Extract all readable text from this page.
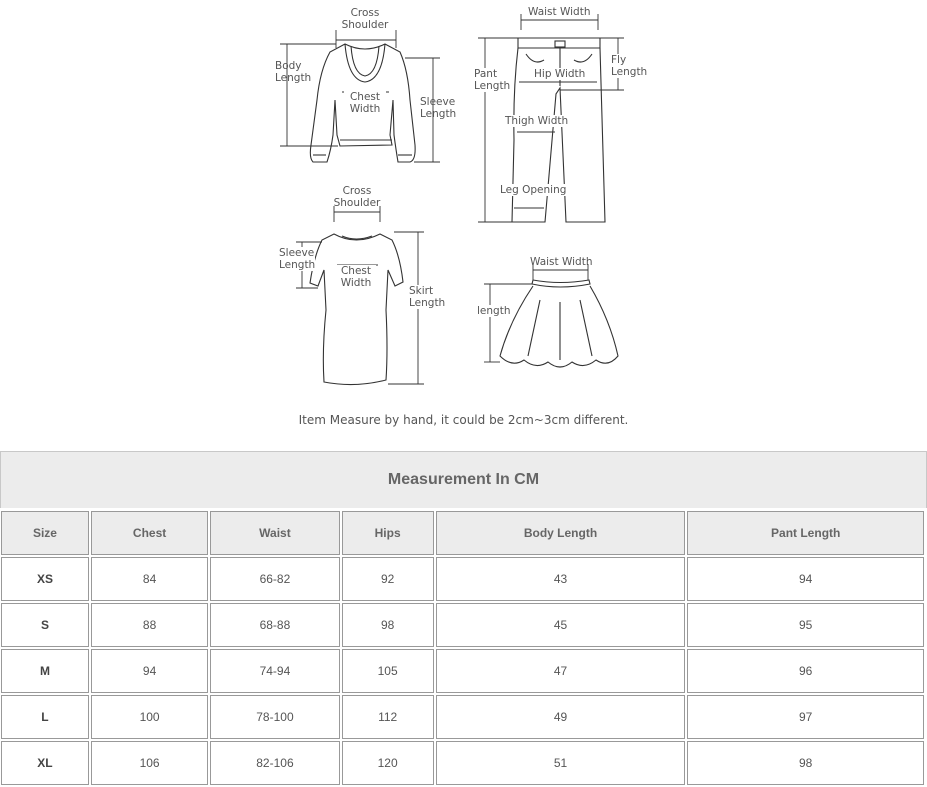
Cross
Shoulder
Body
Length
Chest
Width
Sleeve
Length
Waist Width
Pant
Length
Hip Width
Fly
Length
Thigh Width
Leg Opening
Cross
Shoulder
Sleeve
Length	Chest
Width
Skirt
Length
Waist Width
length
Item Measure by hand, it could be 2cm~3cm different.
Measurement In CM
Size	Chest	Waist	Hips	Body Length	Pant Length
XS	84	66-82	92	43	94
S	88	68-88	98	45	95
M	94	74-94	105	47	96
L	100	78-100	112	49	97
XL	106	82-106	120	51	98
